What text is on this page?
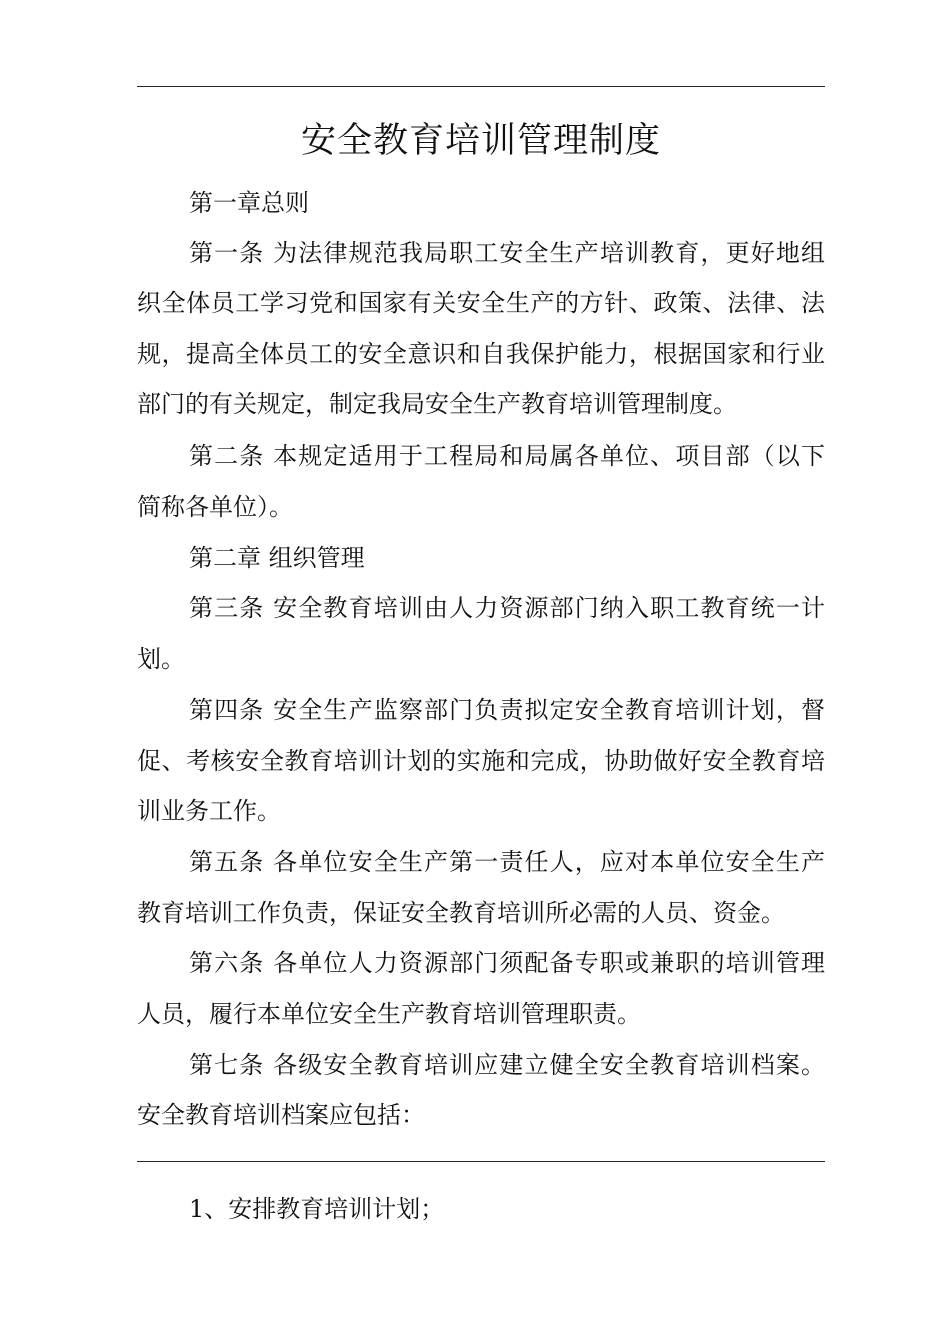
安全教育培训管理制度
第一章总则
第一条 为法律规范我局职工安全生产培训教育，更好地组
织全体员工学习党和国家有关安全生产的方针、政策、法律、法
规，提高全体员工的安全意识和自我保护能力，根据国家和行业
部门的有关规定，制定我局安全生产教育培训管理制度。
第二条 本规定适用于工程局和局属各单位、项目部（以下
简称各单位）。
第二章 组织管理
第三条 安全教育培训由人力资源部门纳入职工教育统一计
划。
第四条 安全生产监察部门负责拟定安全教育培训计划，督
促、考核安全教育培训计划的实施和完成，协助做好安全教育培
训业务工作。
第五条 各单位安全生产第一责任人，应对本单位安全生产
教育培训工作负责，保证安全教育培训所必需的人员、资金。
第六条 各单位人力资源部门须配备专职或兼职的培训管理
人员，履行本单位安全生产教育培训管理职责。
第七条 各级安全教育培训应建立健全安全教育培训档案。
安全教育培训档案应包括：
1、安排教育培训计划；
